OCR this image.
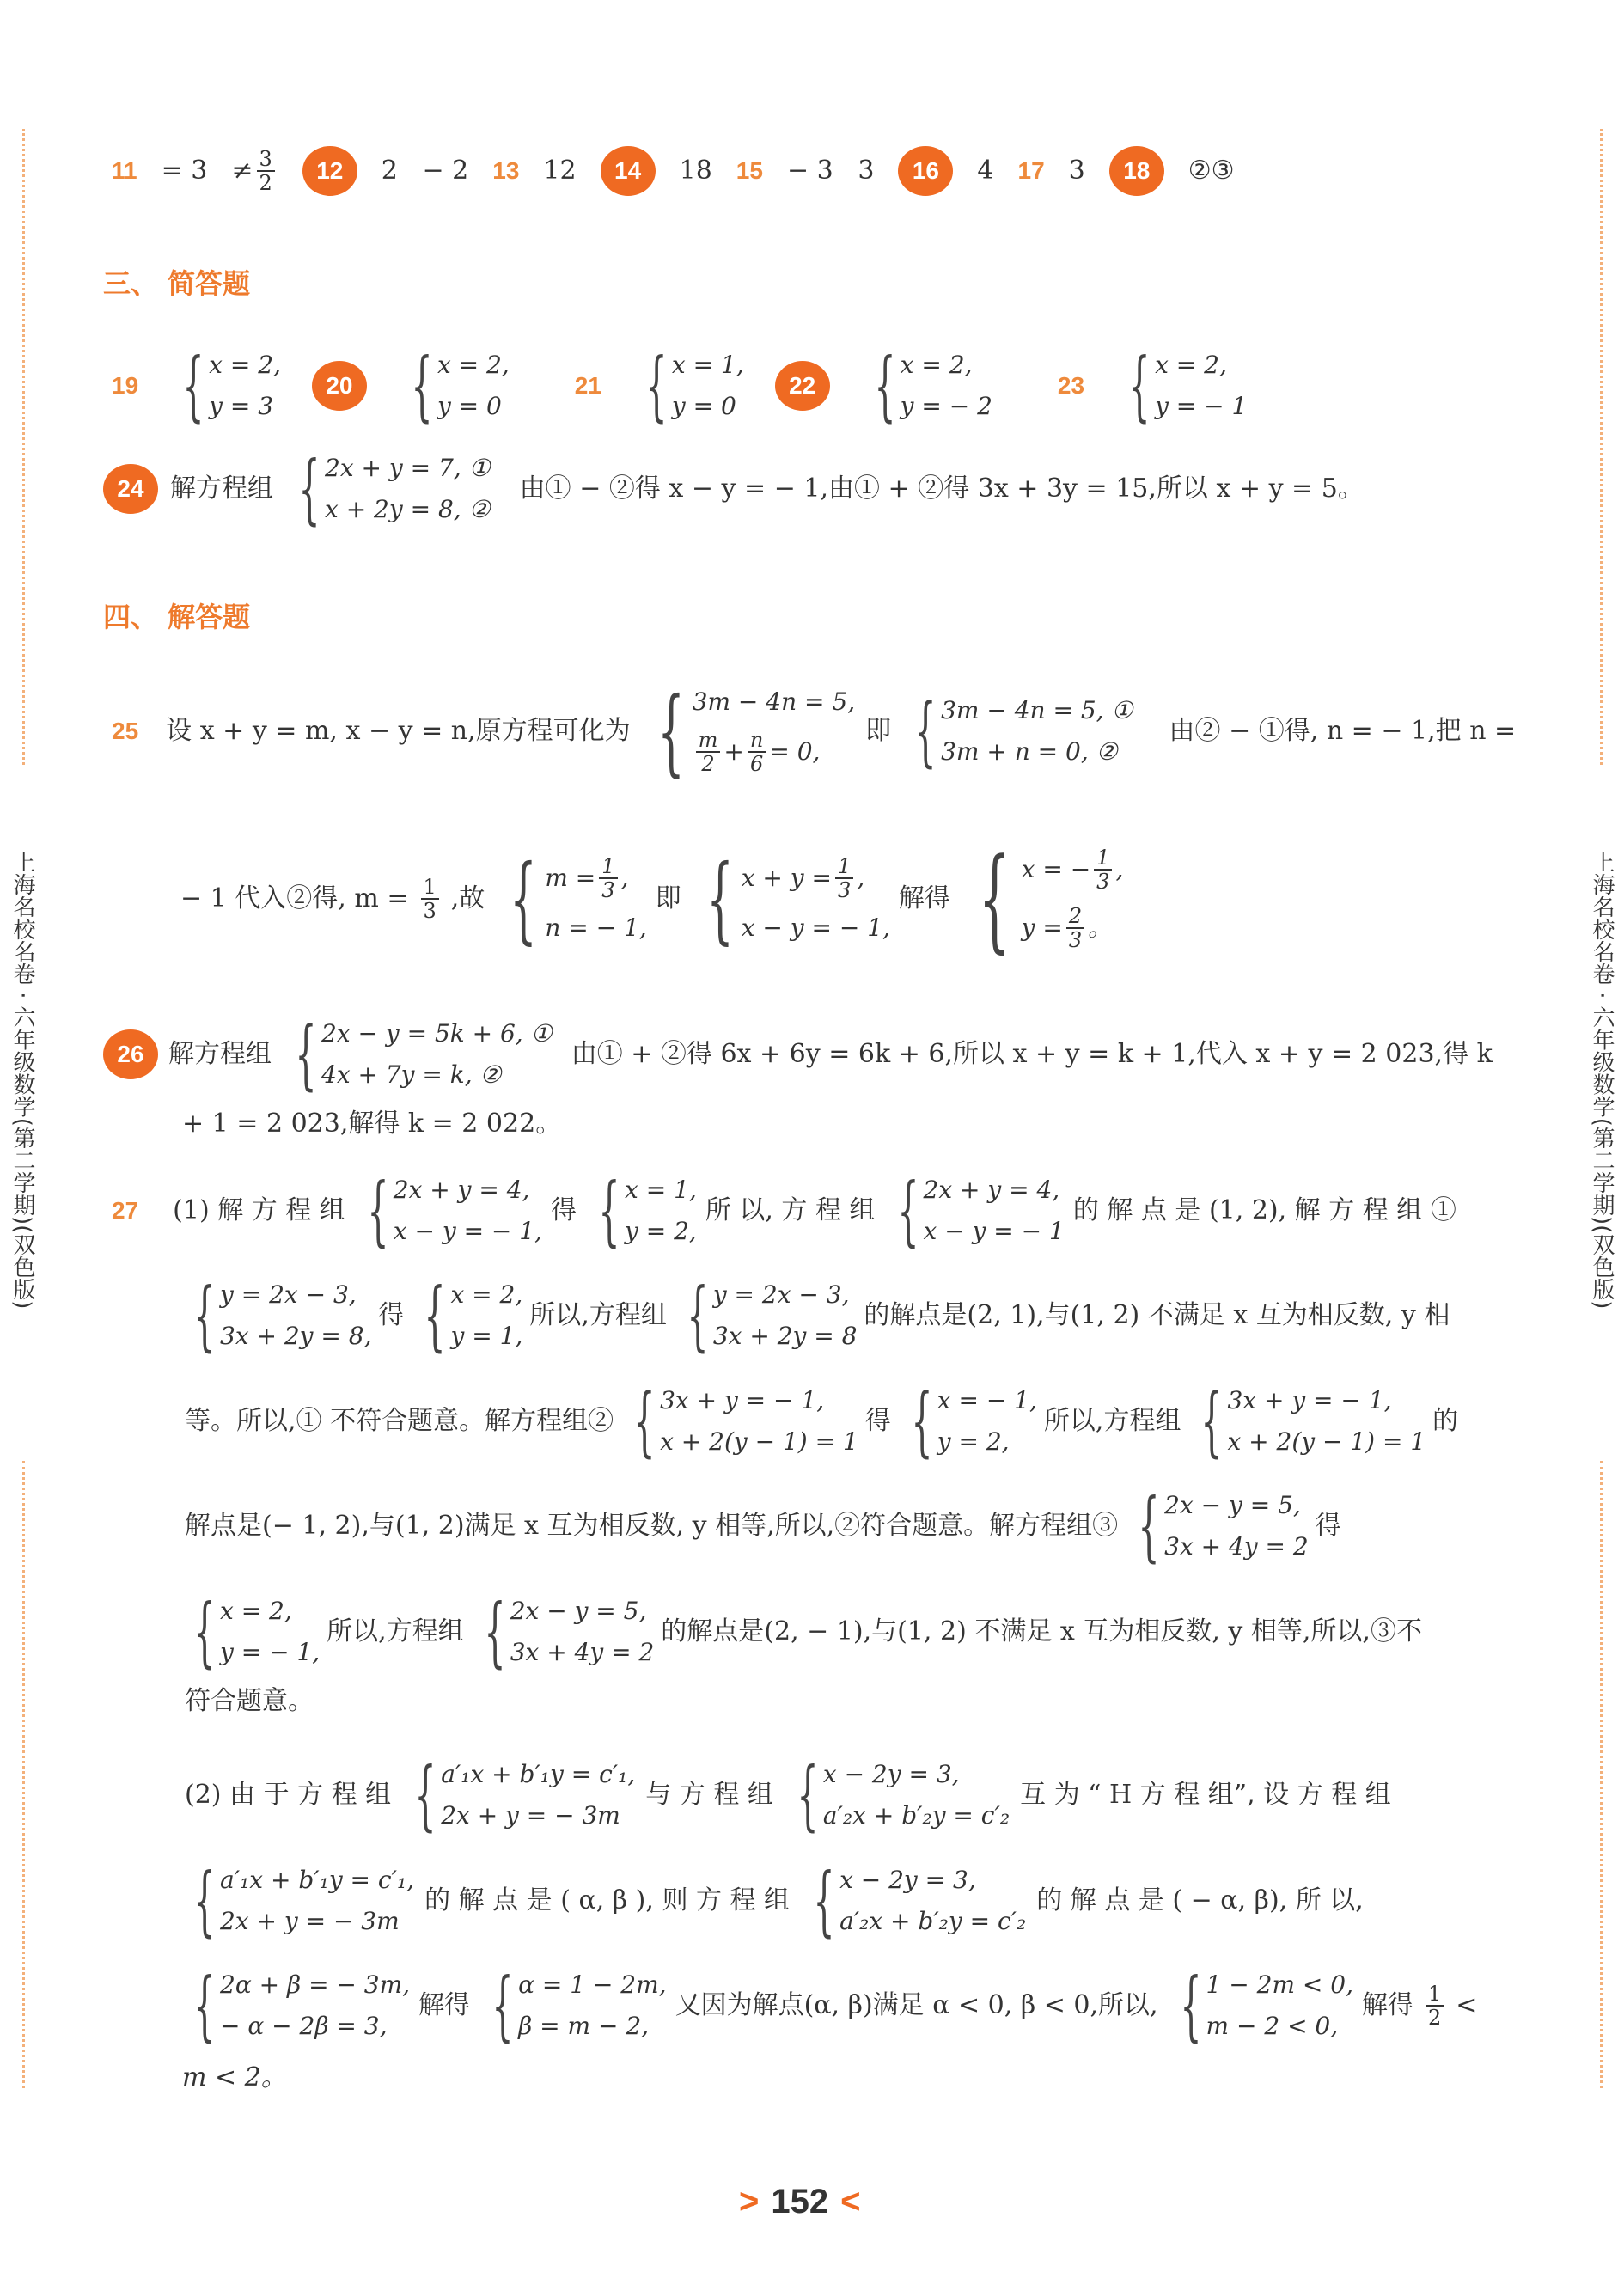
上海名校名卷 · 六年级数学(第二学期)(双色版)	上海名校名卷 · 六年级数学(第二学期)(双色版)
$11 = 3 \ne \frac{3}{2}$	12	2   − 2 13 12	14	18 15 − 3   3	16	4 17 3	18	②③
三、 简答题
19 { x = 2,
y = 3
20 { x = 2,
y = 0
21 { x = 1,
y = 0
22 { x = 2,
y = − 2
23 { x = 2,
y = − 1
24	解方程组 { 2x + y = 7, ①
x + 2y = 8, ②
由① − ②得 x − y = − 1,由① + ②得 3x + 3y = 15,所以 x + y = 5。
四、 解答题
25 设 x + y = m, x − y = n,原方程可化为 { 3m − 4n = 5,
$\frac{m}{2} + \frac{n}{6} = 0$,
即 { 3m − 4n = 5, ①
3m + n = 0, ②
由② − ①得, n = − 1,把 n =
− 1 代入②得, $m = \frac{1}{3}$ ,故 { $m = \frac{1}{3}$ ,
n = − 1,
即 { $x + y = \frac{1}{3}$ ,
x − y = − 1,
解得 { x = − $\frac{1}{3}$ ,
$y = \frac{2}{3}$ 。
26 解方程组 { 2x − y = 5k + 6, ①
4x + 7y = k, ②
由① + ②得 6x + 6y = 6k + 6,所以 x + y = k + 1,代入 x + y = 2 023,得 k
+ 1 = 2 023,解得 k = 2 022。
27 (1) 解 方 程 组 { 2x + y = 4,
x − y = − 1,
得 { x = 1,
y = 2,
所 以, 方 程 组 { 2x + y = 4,
x − y = − 1
的 解 点 是 (1, 2), 解 方 程 组 ①
{ y = 2x − 3,
3x + 2y = 8,
得 { x = 2,
y = 1,
所以,方程组 { y = 2x − 3,
3x + 2y = 8
的解点是(2, 1),与(1, 2) 不满足 x 互为相反数, y 相
等。所以,① 不符合题意。解方程组② { 3x + y = − 1,
x + 2(y − 1) = 1
得 { x = − 1,
y = 2,
所以,方程组 { 3x + y = − 1,
x + 2(y − 1) = 1
的
解点是(− 1, 2),与(1, 2)满足 x 互为相反数, y 相等,所以,②符合题意。解方程组③ { 2x − y = 5,
3x + 4y = 2
得
{ x = 2,
y = − 1,
所以,方程组 { 2x − y = 5,
3x + 4y = 2
的解点是(2, − 1),与(1, 2) 不满足 x 互为相反数, y 相等,所以,③不
符合题意。
(2) 由 于 方 程 组 { a′₁x + b′₁y = c′₁,
2x + y = − 3m
与 方 程 组 { x − 2y = 3,
a′₂x + b′₂y = c′₂
互 为 “ H 方 程 组”, 设 方 程 组
{ a′₁x + b′₁y = c′₁,
2x + y = − 3m
的 解 点 是 ( α, β ), 则 方 程 组 { x − 2y = 3,
a′₂x + b′₂y = c′₂
的 解 点 是 ( − α, β), 所 以,
{ 2α + β = − 3m,
− α − 2β = 3,
解得 { α = 1 − 2m,
β = m − 2,
又因为解点(α, β)满足 α < 0, β < 0,所以, { 1 − 2m < 0,
m − 2 < 0,
解得 $\frac{1}{2}$ <
m < 2。
> 152 <
